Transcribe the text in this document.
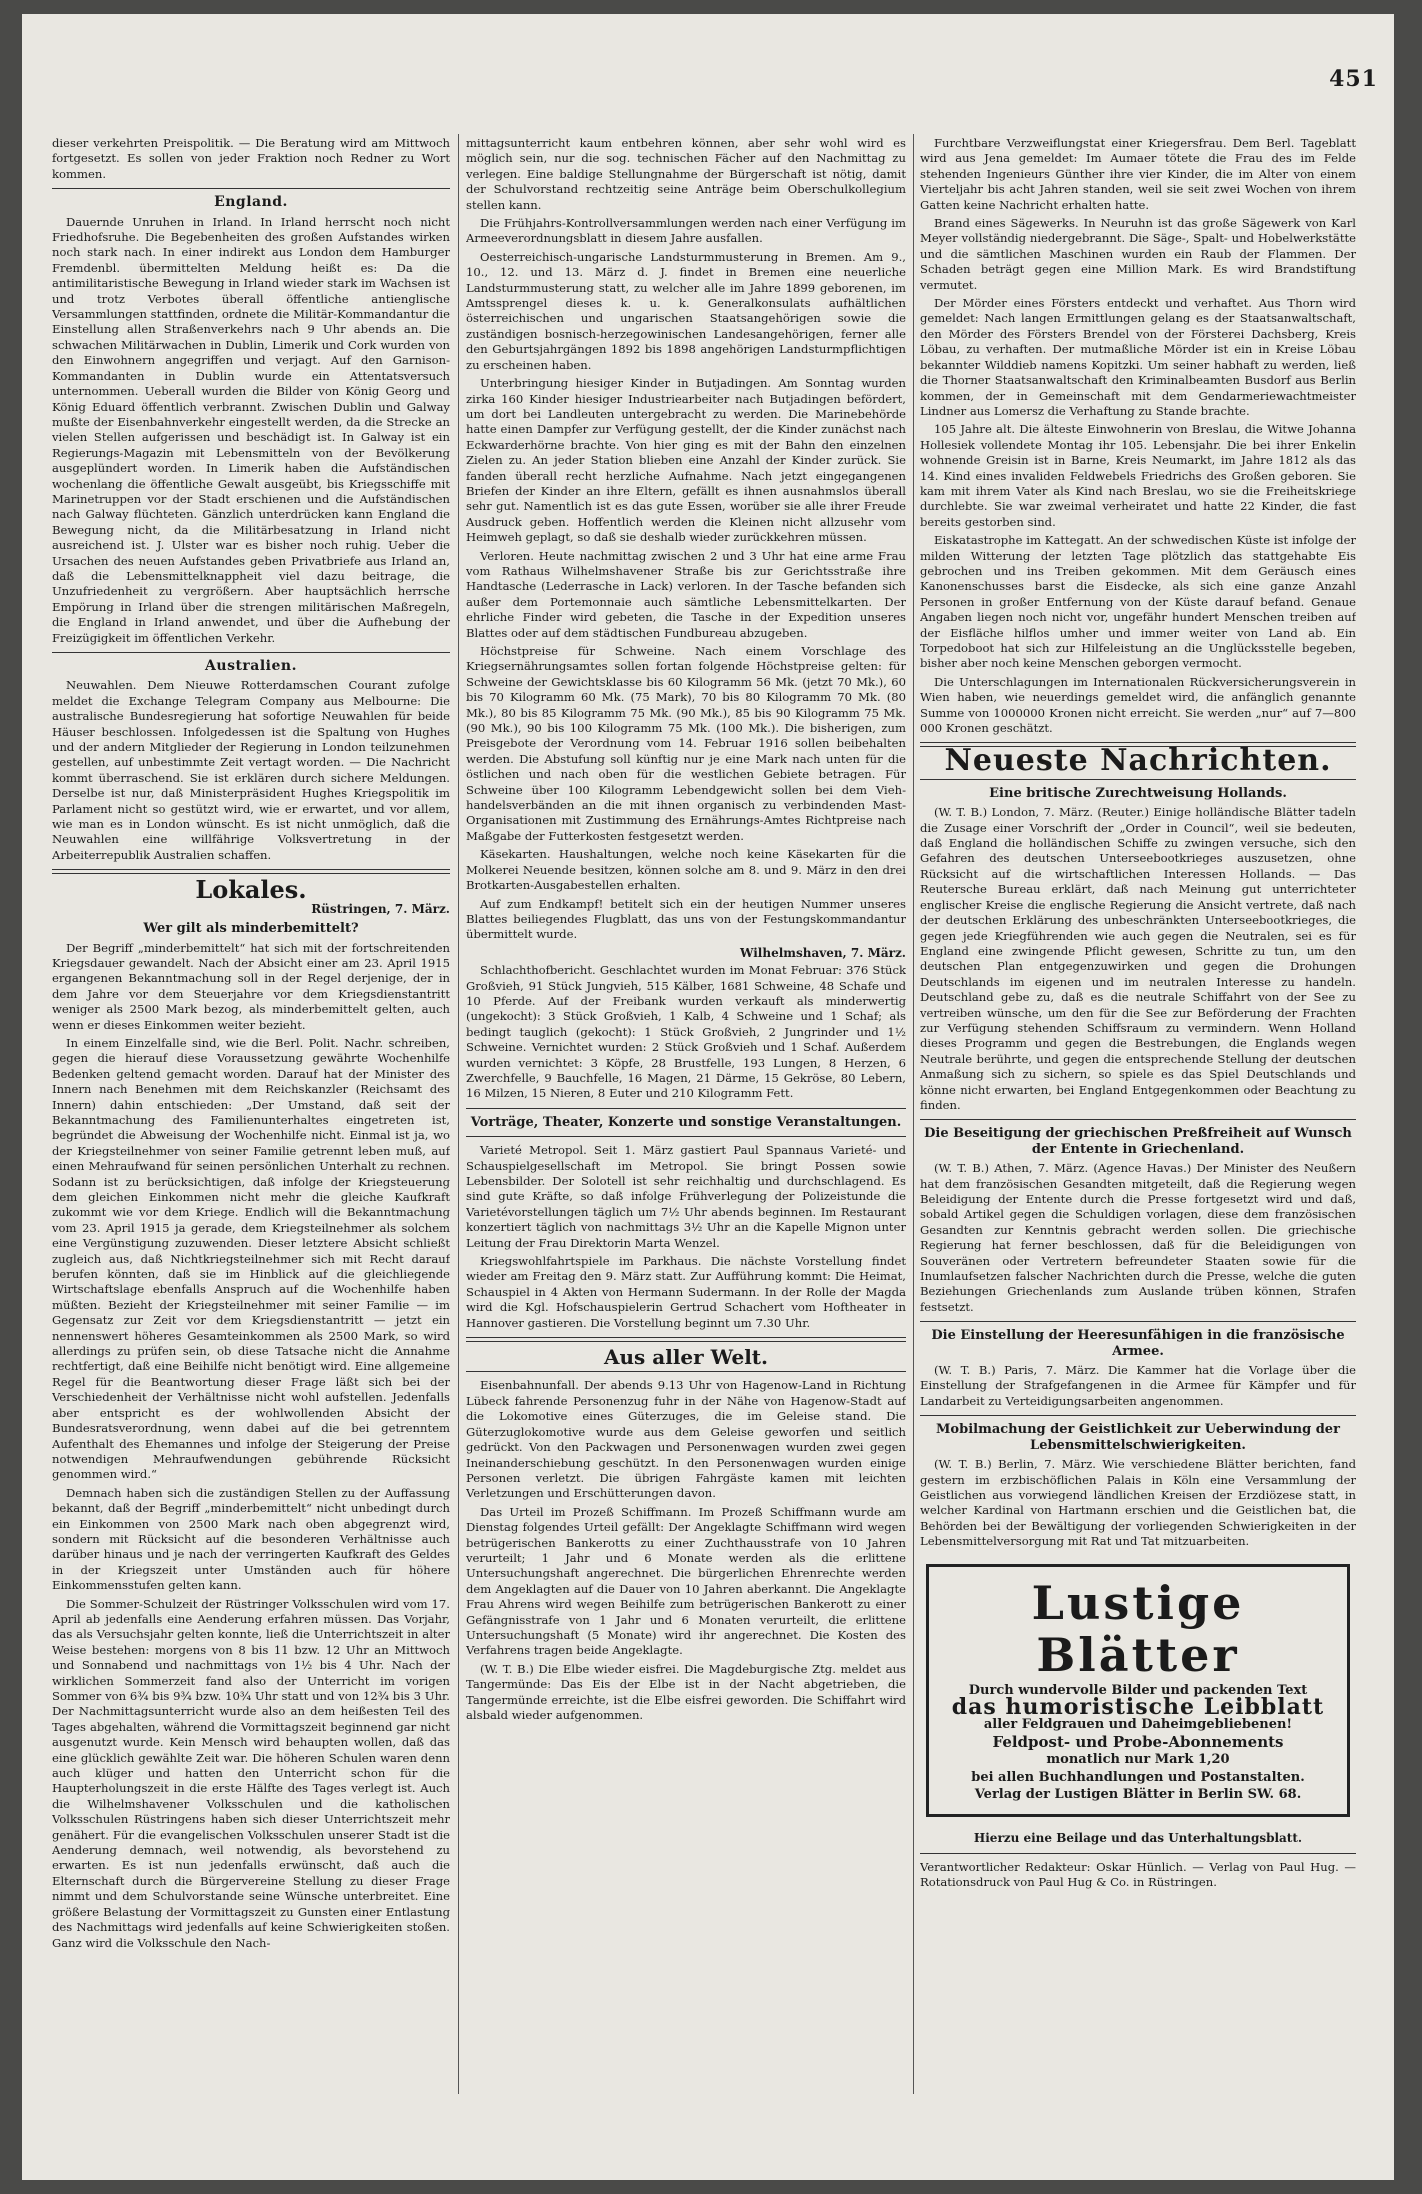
451

dieser verkehrten Preispolitik. — Die Beratung wird am Mittwoch fortgesetzt. Es sollen von jeder Fraktion noch Redner zu Wort kommen.

England.

Dauernde Unruhen in Irland. In Irland herrscht noch nicht Friedhofsruhe. Die Begebenheiten des großen Aufstandes wirken noch stark nach. In einer indirekt aus London dem Hamburger Fremdenbl. übermittelten Meldung heißt es: Da die antimilitaristische Bewegung in Irland wieder stark im Wachsen ist und trotz Verbotes überall öffentliche antienglische Versammlungen stattfinden, ordnete die Militär-Kommandantur die Einstellung allen Straßenverkehrs nach 9 Uhr abends an. Die schwachen Militärwachen in Dublin, Limerik und Cork wurden von den Einwohnern angegriffen und verjagt. Auf den Garnison-Kommandanten in Dublin wurde ein Attentatsversuch unternommen. Ueberall wurden die Bilder von König Georg und König Eduard öffentlich verbrannt. Zwischen Dublin und Galway mußte der Eisenbahnverkehr eingestellt werden, da die Strecke an vielen Stellen aufgerissen und beschädigt ist. In Galway ist ein Regierungs-Magazin mit Lebensmitteln von der Bevölkerung ausgeplündert worden. In Limerik haben die Aufständischen wochenlang die öffentliche Gewalt ausgeübt, bis Kriegsschiffe mit Marinetruppen vor der Stadt erschienen und die Aufständischen nach Galway flüchteten. Gänzlich unterdrücken kann England die Bewegung nicht, da die Militärbesatzung in Irland nicht ausreichend ist. J. Ulster war es bisher noch ruhig. Ueber die Ursachen des neuen Aufstandes geben Privatbriefe aus Irland an, daß die Lebensmittelknappheit viel dazu beitrage, die Unzufriedenheit zu vergrößern. Aber hauptsächlich herrsche Empörung in Irland über die strengen militärischen Maßregeln, die England in Irland anwendet, und über die Aufhebung der Freizügigkeit im öffentlichen Verkehr.

Australien.

Neuwahlen. Dem Nieuwe Rotterdamschen Courant zufolge meldet die Exchange Telegram Company aus Melbourne: Die australische Bundesregierung hat sofortige Neuwahlen für beide Häuser beschlossen. Infolgedessen ist die Spaltung von Hughes und der andern Mitglieder der Regierung in London teilzunehmen gestellen, auf unbestimmte Zeit vertagt worden. — Die Nachricht kommt überraschend. Sie ist erklären durch sichere Meldungen. Derselbe ist nur, daß Ministerpräsident Hughes Kriegspolitik im Parlament nicht so gestützt wird, wie er erwartet, und vor allem, wie man es in London wünscht. Es ist nicht unmöglich, daß die Neuwahlen eine willfährige Volksvertretung in der Arbeiterrepublik Australien schaffen.

Lokales.
Rüstringen, 7. März.
Wer gilt als minderbemittelt?

Der Begriff „minderbemittelt“ hat sich mit der fortschreitenden Kriegsdauer gewandelt. Nach der Absicht einer am 23. April 1915 ergangenen Bekanntmachung soll in der Regel derjenige, der in dem Jahre vor dem Steuerjahre vor dem Kriegsdienstantritt weniger als 2500 Mark bezog, als minderbemittelt gelten, auch wenn er dieses Einkommen weiter bezieht.

In einem Einzelfalle sind, wie die Berl. Polit. Nachr. schreiben, gegen die hierauf diese Voraussetzung gewährte Wochenhilfe Bedenken geltend gemacht worden. Darauf hat der Minister des Innern nach Benehmen mit dem Reichskanzler (Reichsamt des Innern) dahin entschieden: „Der Umstand, daß seit der Bekanntmachung des Familienunterhaltes eingetreten ist, begründet die Abweisung der Wochenhilfe nicht. Einmal ist ja, wo der Kriegsteilnehmer von seiner Familie getrennt leben muß, auf einen Mehraufwand für seinen persönlichen Unterhalt zu rechnen. Sodann ist zu berücksichtigen, daß infolge der Kriegsteuerung dem gleichen Einkommen nicht mehr die gleiche Kaufkraft zukommt wie vor dem Kriege. Endlich will die Bekanntmachung vom 23. April 1915 ja gerade, dem Kriegsteilnehmer als solchem eine Vergünstigung zuzuwenden. Dieser letztere Absicht schließt zugleich aus, daß Nichtkriegsteilnehmer sich mit Recht darauf berufen könnten, daß sie im Hinblick auf die gleichliegende Wirtschaftslage ebenfalls Anspruch auf die Wochenhilfe haben müßten. Bezieht der Kriegsteilnehmer mit seiner Familie — im Gegensatz zur Zeit vor dem Kriegsdienstantritt — jetzt ein nennenswert höheres Gesamteinkommen als 2500 Mark, so wird allerdings zu prüfen sein, ob diese Tatsache nicht die Annahme rechtfertigt, daß eine Beihilfe nicht benötigt wird. Eine allgemeine Regel für die Beantwortung dieser Frage läßt sich bei der Verschiedenheit der Verhältnisse nicht wohl aufstellen. Jedenfalls aber entspricht es der wohlwollenden Absicht der Bundesratsverordnung, wenn dabei auf die bei getrenntem Aufenthalt des Ehemannes und infolge der Steigerung der Preise notwendigen Mehraufwendungen gebührende Rücksicht genommen wird.“

Demnach haben sich die zuständigen Stellen zu der Auffassung bekannt, daß der Begriff „minderbemittelt“ nicht unbedingt durch ein Einkommen von 2500 Mark nach oben abgegrenzt wird, sondern mit Rücksicht auf die besonderen Verhältnisse auch darüber hinaus und je nach der verringerten Kaufkraft des Geldes in der Kriegszeit unter Umständen auch für höhere Einkommensstufen gelten kann.

Die Sommer-Schulzeit der Rüstringer Volksschulen wird vom 17. April ab jedenfalls eine Aenderung erfahren müssen. Das Vorjahr, das als Versuchsjahr gelten konnte, ließ die Unterrichtszeit in alter Weise bestehen: morgens von 8 bis 11 bzw. 12 Uhr an Mittwoch und Sonnabend und nachmittags von 1½ bis 4 Uhr. Nach der wirklichen Sommerzeit fand also der Unterricht im vorigen Sommer von 6¾ bis 9¾ bzw. 10¾ Uhr statt und von 12¾ bis 3 Uhr. Der Nachmittagsunterricht wurde also an dem heißesten Teil des Tages abgehalten, während die Vormittagszeit beginnend gar nicht ausgenutzt wurde. Kein Mensch wird behaupten wollen, daß das eine glücklich gewählte Zeit war. Die höheren Schulen waren denn auch klüger und hatten den Unterricht schon für die Haupterholungszeit in die erste Hälfte des Tages verlegt ist. Auch die Wilhelmshavener Volksschulen und die katholischen Volksschulen Rüstringens haben sich dieser Unterrichtszeit mehr genähert. Für die evangelischen Volksschulen unserer Stadt ist die Aenderung demnach, weil notwendig, als bevorstehend zu erwarten. Es ist nun jedenfalls erwünscht, daß auch die Elternschaft durch die Bürgervereine Stellung zu dieser Frage nimmt und dem Schulvorstande seine Wünsche unterbreitet. Eine größere Belastung der Vormittagszeit zu Gunsten einer Entlastung des Nachmittags wird jedenfalls auf keine Schwierigkeiten stoßen. Ganz wird die Volksschule den Nach-

mittagsunterricht kaum entbehren können, aber sehr wohl wird es möglich sein, nur die sog. technischen Fächer auf den Nachmittag zu verlegen. Eine baldige Stellungnahme der Bürgerschaft ist nötig, damit der Schulvorstand rechtzeitig seine Anträge beim Oberschulkollegium stellen kann.

Die Frühjahrs-Kontrollversammlungen werden nach einer Verfügung im Armeeverordnungsblatt in diesem Jahre ausfallen.

Oesterreichisch-ungarische Landsturmmusterung in Bremen. Am 9., 10., 12. und 13. März d. J. findet in Bremen eine neuerliche Landsturmmusterung statt, zu welcher alle im Jahre 1899 geborenen, im Amtssprengel dieses k. u. k. Generalkonsulats aufhältlichen österreichischen und ungarischen Staatsangehörigen sowie die zuständigen bosnisch-herzegowinischen Landesangehörigen, ferner alle den Geburtsjahrgängen 1892 bis 1898 angehörigen Landsturmpflichtigen zu erscheinen haben.

Unterbringung hiesiger Kinder in Butjadingen. Am Sonntag wurden zirka 160 Kinder hiesiger Industriearbeiter nach Butjadingen befördert, um dort bei Landleuten untergebracht zu werden. Die Marinebehörde hatte einen Dampfer zur Verfügung gestellt, der die Kinder zunächst nach Eckwarderhörne brachte. Von hier ging es mit der Bahn den einzelnen Zielen zu. An jeder Station blieben eine Anzahl der Kinder zurück. Sie fanden überall recht herzliche Aufnahme. Nach jetzt eingegangenen Briefen der Kinder an ihre Eltern, gefällt es ihnen ausnahmslos überall sehr gut. Namentlich ist es das gute Essen, worüber sie alle ihrer Freude Ausdruck geben. Hoffentlich werden die Kleinen nicht allzusehr vom Heimweh geplagt, so daß sie deshalb wieder zurückkehren müssen.

Verloren. Heute nachmittag zwischen 2 und 3 Uhr hat eine arme Frau vom Rathaus Wilhelmshavener Straße bis zur Gerichtsstraße ihre Handtasche (Lederrasche in Lack) verloren. In der Tasche befanden sich außer dem Portemonnaie auch sämtliche Lebensmittelkarten. Der ehrliche Finder wird gebeten, die Tasche in der Expedition unseres Blattes oder auf dem städtischen Fundbureau abzugeben.

Höchstpreise für Schweine. Nach einem Vorschlage des Kriegsernährungsamtes sollen fortan folgende Höchstpreise gelten: für Schweine der Gewichtsklasse bis 60 Kilogramm 56 Mk. (jetzt 70 Mk.), 60 bis 70 Kilogramm 60 Mk. (75 Mark), 70 bis 80 Kilogramm 70 Mk. (80 Mk.), 80 bis 85 Kilogramm 75 Mk. (90 Mk.), 85 bis 90 Kilogramm 75 Mk. (90 Mk.), 90 bis 100 Kilogramm 75 Mk. (100 Mk.). Die bisherigen, zum Preisgebote der Verordnung vom 14. Februar 1916 sollen beibehalten werden. Die Abstufung soll künftig nur je eine Mark nach unten für die östlichen und nach oben für die westlichen Gebiete betragen. Für Schweine über 100 Kilogramm Lebendgewicht sollen bei dem Viehhandelsverbänden an die mit ihnen organisch zu verbindenden Mast-Organisationen mit Zustimmung des Ernährungs-Amtes Richtpreise nach Maßgabe der Futterkosten festgesetzt werden.

Käsekarten. Haushaltungen, welche noch keine Käsekarten für die Molkerei Neuende besitzen, können solche am 8. und 9. März in den drei Brotkarten-Ausgabestellen erhalten.

Auf zum Endkampf! betitelt sich ein der heutigen Nummer unseres Blattes beiliegendes Flugblatt, das uns von der Festungskommandantur übermittelt wurde.

Wilhelmshaven, 7. März.

Schlachthofbericht. Geschlachtet wurden im Monat Februar: 376 Stück Großvieh, 91 Stück Jungvieh, 515 Kälber, 1681 Schweine, 48 Schafe und 10 Pferde. Auf der Freibank wurden verkauft als minderwertig (ungekocht): 3 Stück Großvieh, 1 Kalb, 4 Schweine und 1 Schaf; als bedingt tauglich (gekocht): 1 Stück Großvieh, 2 Jungrinder und 1½ Schweine. Vernichtet wurden: 2 Stück Großvieh und 1 Schaf. Außerdem wurden vernichtet: 3 Köpfe, 28 Brustfelle, 193 Lungen, 8 Herzen, 6 Zwerchfelle, 9 Bauchfelle, 16 Magen, 21 Därme, 15 Gekröse, 80 Lebern, 16 Milzen, 15 Nieren, 8 Euter und 210 Kilogramm Fett.

Vorträge, Theater, Konzerte und sonstige Veranstaltungen.

Varieté Metropol. Seit 1. März gastiert Paul Spannaus Varieté- und Schauspielgesellschaft im Metropol. Sie bringt Possen sowie Lebensbilder. Der Solotell ist sehr reichhaltig und durchschlagend. Es sind gute Kräfte, so daß infolge Frühverlegung der Polizeistunde die Varietévorstellungen täglich um 7½ Uhr abends beginnen. Im Restaurant konzertiert täglich von nachmittags 3½ Uhr an die Kapelle Mignon unter Leitung der Frau Direktorin Marta Wenzel.

Kriegswohlfahrtspiele im Parkhaus. Die nächste Vorstellung findet wieder am Freitag den 9. März statt. Zur Aufführung kommt: Die Heimat, Schauspiel in 4 Akten von Hermann Sudermann. In der Rolle der Magda wird die Kgl. Hofschauspielerin Gertrud Schachert vom Hoftheater in Hannover gastieren. Die Vorstellung beginnt um 7.30 Uhr.

Aus aller Welt.

Eisenbahnunfall. Der abends 9.13 Uhr von Hagenow-Land in Richtung Lübeck fahrende Personenzug fuhr in der Nähe von Hagenow-Stadt auf die Lokomotive eines Güterzuges, die im Geleise stand. Die Güterzuglokomotive wurde aus dem Geleise geworfen und seitlich gedrückt. Von den Packwagen und Personenwagen wurden zwei gegen Ineinanderschiebung geschützt. In den Personenwagen wurden einige Personen verletzt. Die übrigen Fahrgäste kamen mit leichten Verletzungen und Erschütterungen davon.

Das Urteil im Prozeß Schiffmann. Im Prozeß Schiffmann wurde am Dienstag folgendes Urteil gefällt: Der Angeklagte Schiffmann wird wegen betrügerischen Bankerotts zu einer Zuchthausstrafe von 10 Jahren verurteilt; 1 Jahr und 6 Monate werden als die erlittene Untersuchungshaft angerechnet. Die bürgerlichen Ehrenrechte werden dem Angeklagten auf die Dauer von 10 Jahren aberkannt. Die Angeklagte Frau Ahrens wird wegen Beihilfe zum betrügerischen Bankerott zu einer Gefängnisstrafe von 1 Jahr und 6 Monaten verurteilt, die erlittene Untersuchungshaft (5 Monate) wird ihr angerechnet. Die Kosten des Verfahrens tragen beide Angeklagte.

(W. T. B.) Die Elbe wieder eisfrei. Die Magdeburgische Ztg. meldet aus Tangermünde: Das Eis der Elbe ist in der Nacht abgetrieben, die Tangermünde erreichte, ist die Elbe eisfrei geworden. Die Schiffahrt wird alsbald wieder aufgenommen.

Furchtbare Verzweiflungstat einer Kriegersfrau. Dem Berl. Tageblatt wird aus Jena gemeldet: Im Aumaer tötete die Frau des im Felde stehenden Ingenieurs Günther ihre vier Kinder, die im Alter von einem Vierteljahr bis acht Jahren standen, weil sie seit zwei Wochen von ihrem Gatten keine Nachricht erhalten hatte.

Brand eines Sägewerks. In Neuruhn ist das große Sägewerk von Karl Meyer vollständig niedergebrannt. Die Säge-, Spalt- und Hobelwerkstätte und die sämtlichen Maschinen wurden ein Raub der Flammen. Der Schaden beträgt gegen eine Million Mark. Es wird Brandstiftung vermutet.

Der Mörder eines Försters entdeckt und verhaftet. Aus Thorn wird gemeldet: Nach langen Ermittlungen gelang es der Staatsanwaltschaft, den Mörder des Försters Brendel von der Försterei Dachsberg, Kreis Löbau, zu verhaften. Der mutmaßliche Mörder ist ein in Kreise Löbau bekannter Wilddieb namens Kopitzki. Um seiner habhaft zu werden, ließ die Thorner Staatsanwaltschaft den Kriminalbeamten Busdorf aus Berlin kommen, der in Gemeinschaft mit dem Gendarmeriewachtmeister Lindner aus Lomersz die Verhaftung zu Stande brachte.

105 Jahre alt. Die älteste Einwohnerin von Breslau, die Witwe Johanna Hollesiek vollendete Montag ihr 105. Lebensjahr. Die bei ihrer Enkelin wohnende Greisin ist in Barne, Kreis Neumarkt, im Jahre 1812 als das 14. Kind eines invaliden Feldwebels Friedrichs des Großen geboren. Sie kam mit ihrem Vater als Kind nach Breslau, wo sie die Freiheitskriege durchlebte. Sie war zweimal verheiratet und hatte 22 Kinder, die fast bereits gestorben sind.

Eiskatastrophe im Kattegatt. An der schwedischen Küste ist infolge der milden Witterung der letzten Tage plötzlich das stattgehabte Eis gebrochen und ins Treiben gekommen. Mit dem Geräusch eines Kanonenschusses barst die Eisdecke, als sich eine ganze Anzahl Personen in großer Entfernung von der Küste darauf befand. Genaue Angaben liegen noch nicht vor, ungefähr hundert Menschen treiben auf der Eisfläche hilflos umher und immer weiter von Land ab. Ein Torpedoboot hat sich zur Hilfeleistung an die Unglücksstelle begeben, bisher aber noch keine Menschen geborgen vermocht.

Die Unterschlagungen im Internationalen Rückversicherungsverein in Wien haben, wie neuerdings gemeldet wird, die anfänglich genannte Summe von 1000000 Kronen nicht erreicht. Sie werden „nur“ auf 7—800 000 Kronen geschätzt.

Neueste Nachrichten.
Eine britische Zurechtweisung Hollands.

(W. T. B.) London, 7. März. (Reuter.) Einige holländische Blätter tadeln die Zusage einer Vorschrift der „Order in Council“, weil sie bedeuten, daß England die holländischen Schiffe zu zwingen versuche, sich den Gefahren des deutschen Unterseebootkrieges auszusetzen, ohne Rücksicht auf die wirtschaftlichen Interessen Hollands. — Das Reutersche Bureau erklärt, daß nach Meinung gut unterrichteter englischer Kreise die englische Regierung die Ansicht vertrete, daß nach der deutschen Erklärung des unbeschränkten Unterseebootkrieges, die gegen jede Kriegführenden wie auch gegen die Neutralen, sei es für England eine zwingende Pflicht gewesen, Schritte zu tun, um den deutschen Plan entgegenzuwirken und gegen die Drohungen Deutschlands im eigenen und im neutralen Interesse zu handeln. Deutschland gebe zu, daß es die neutrale Schiffahrt von der See zu vertreiben wünsche, um den für die See zur Beförderung der Frachten zur Verfügung stehenden Schiffsraum zu vermindern. Wenn Holland dieses Programm und gegen die Bestrebungen, die Englands wegen Neutrale berührte, und gegen die entsprechende Stellung der deutschen Anmaßung sich zu sichern, so spiele es das Spiel Deutschlands und könne nicht erwarten, bei England Entgegenkommen oder Beachtung zu finden.

Die Beseitigung der griechischen Preßfreiheit auf Wunsch der Entente in Griechenland.

(W. T. B.) Athen, 7. März. (Agence Havas.) Der Minister des Neußern hat dem französischen Gesandten mitgeteilt, daß die Regierung wegen Beleidigung der Entente durch die Presse fortgesetzt wird und daß, sobald Artikel gegen die Schuldigen vorlagen, diese dem französischen Gesandten zur Kenntnis gebracht werden sollen. Die griechische Regierung hat ferner beschlossen, daß für die Beleidigungen von Souveränen oder Vertretern befreundeter Staaten sowie für die Inumlaufsetzen falscher Nachrichten durch die Presse, welche die guten Beziehungen Griechenlands zum Auslande trüben können, Strafen festsetzt.

Die Einstellung der Heeresunfähigen in die französische Armee.

(W. T. B.) Paris, 7. März. Die Kammer hat die Vorlage über die Einstellung der Strafgefangenen in die Armee für Kämpfer und für Landarbeit zu Verteidigungsarbeiten angenommen.

Mobilmachung der Geistlichkeit zur Ueberwindung der Lebensmittelschwierigkeiten.

(W. T. B.) Berlin, 7. März. Wie verschiedene Blätter berichten, fand gestern im erzbischöflichen Palais in Köln eine Versammlung der Geistlichen aus vorwiegend ländlichen Kreisen der Erzdiözese statt, in welcher Kardinal von Hartmann erschien und die Geistlichen bat, die Behörden bei der Bewältigung der vorliegenden Schwierigkeiten in der Lebensmittelversorgung mit Rat und Tat mitzuarbeiten.

Lustige Blätter
Durch wundervolle Bilder und packenden Text
das humoristische Leibblatt
aller Feldgrauen und Daheimgebliebenen!
Feldpost- und Probe-Abonnements
monatlich nur Mark 1,20
bei allen Buchhandlungen und Postanstalten.
Verlag der Lustigen Blätter in Berlin SW. 68.
Hierzu eine Beilage und das Unterhaltungsblatt.
Verantwortlicher Redakteur: Oskar Hünlich. — Verlag von Paul Hug. — Rotationsdruck von Paul Hug & Co. in Rüstringen.
